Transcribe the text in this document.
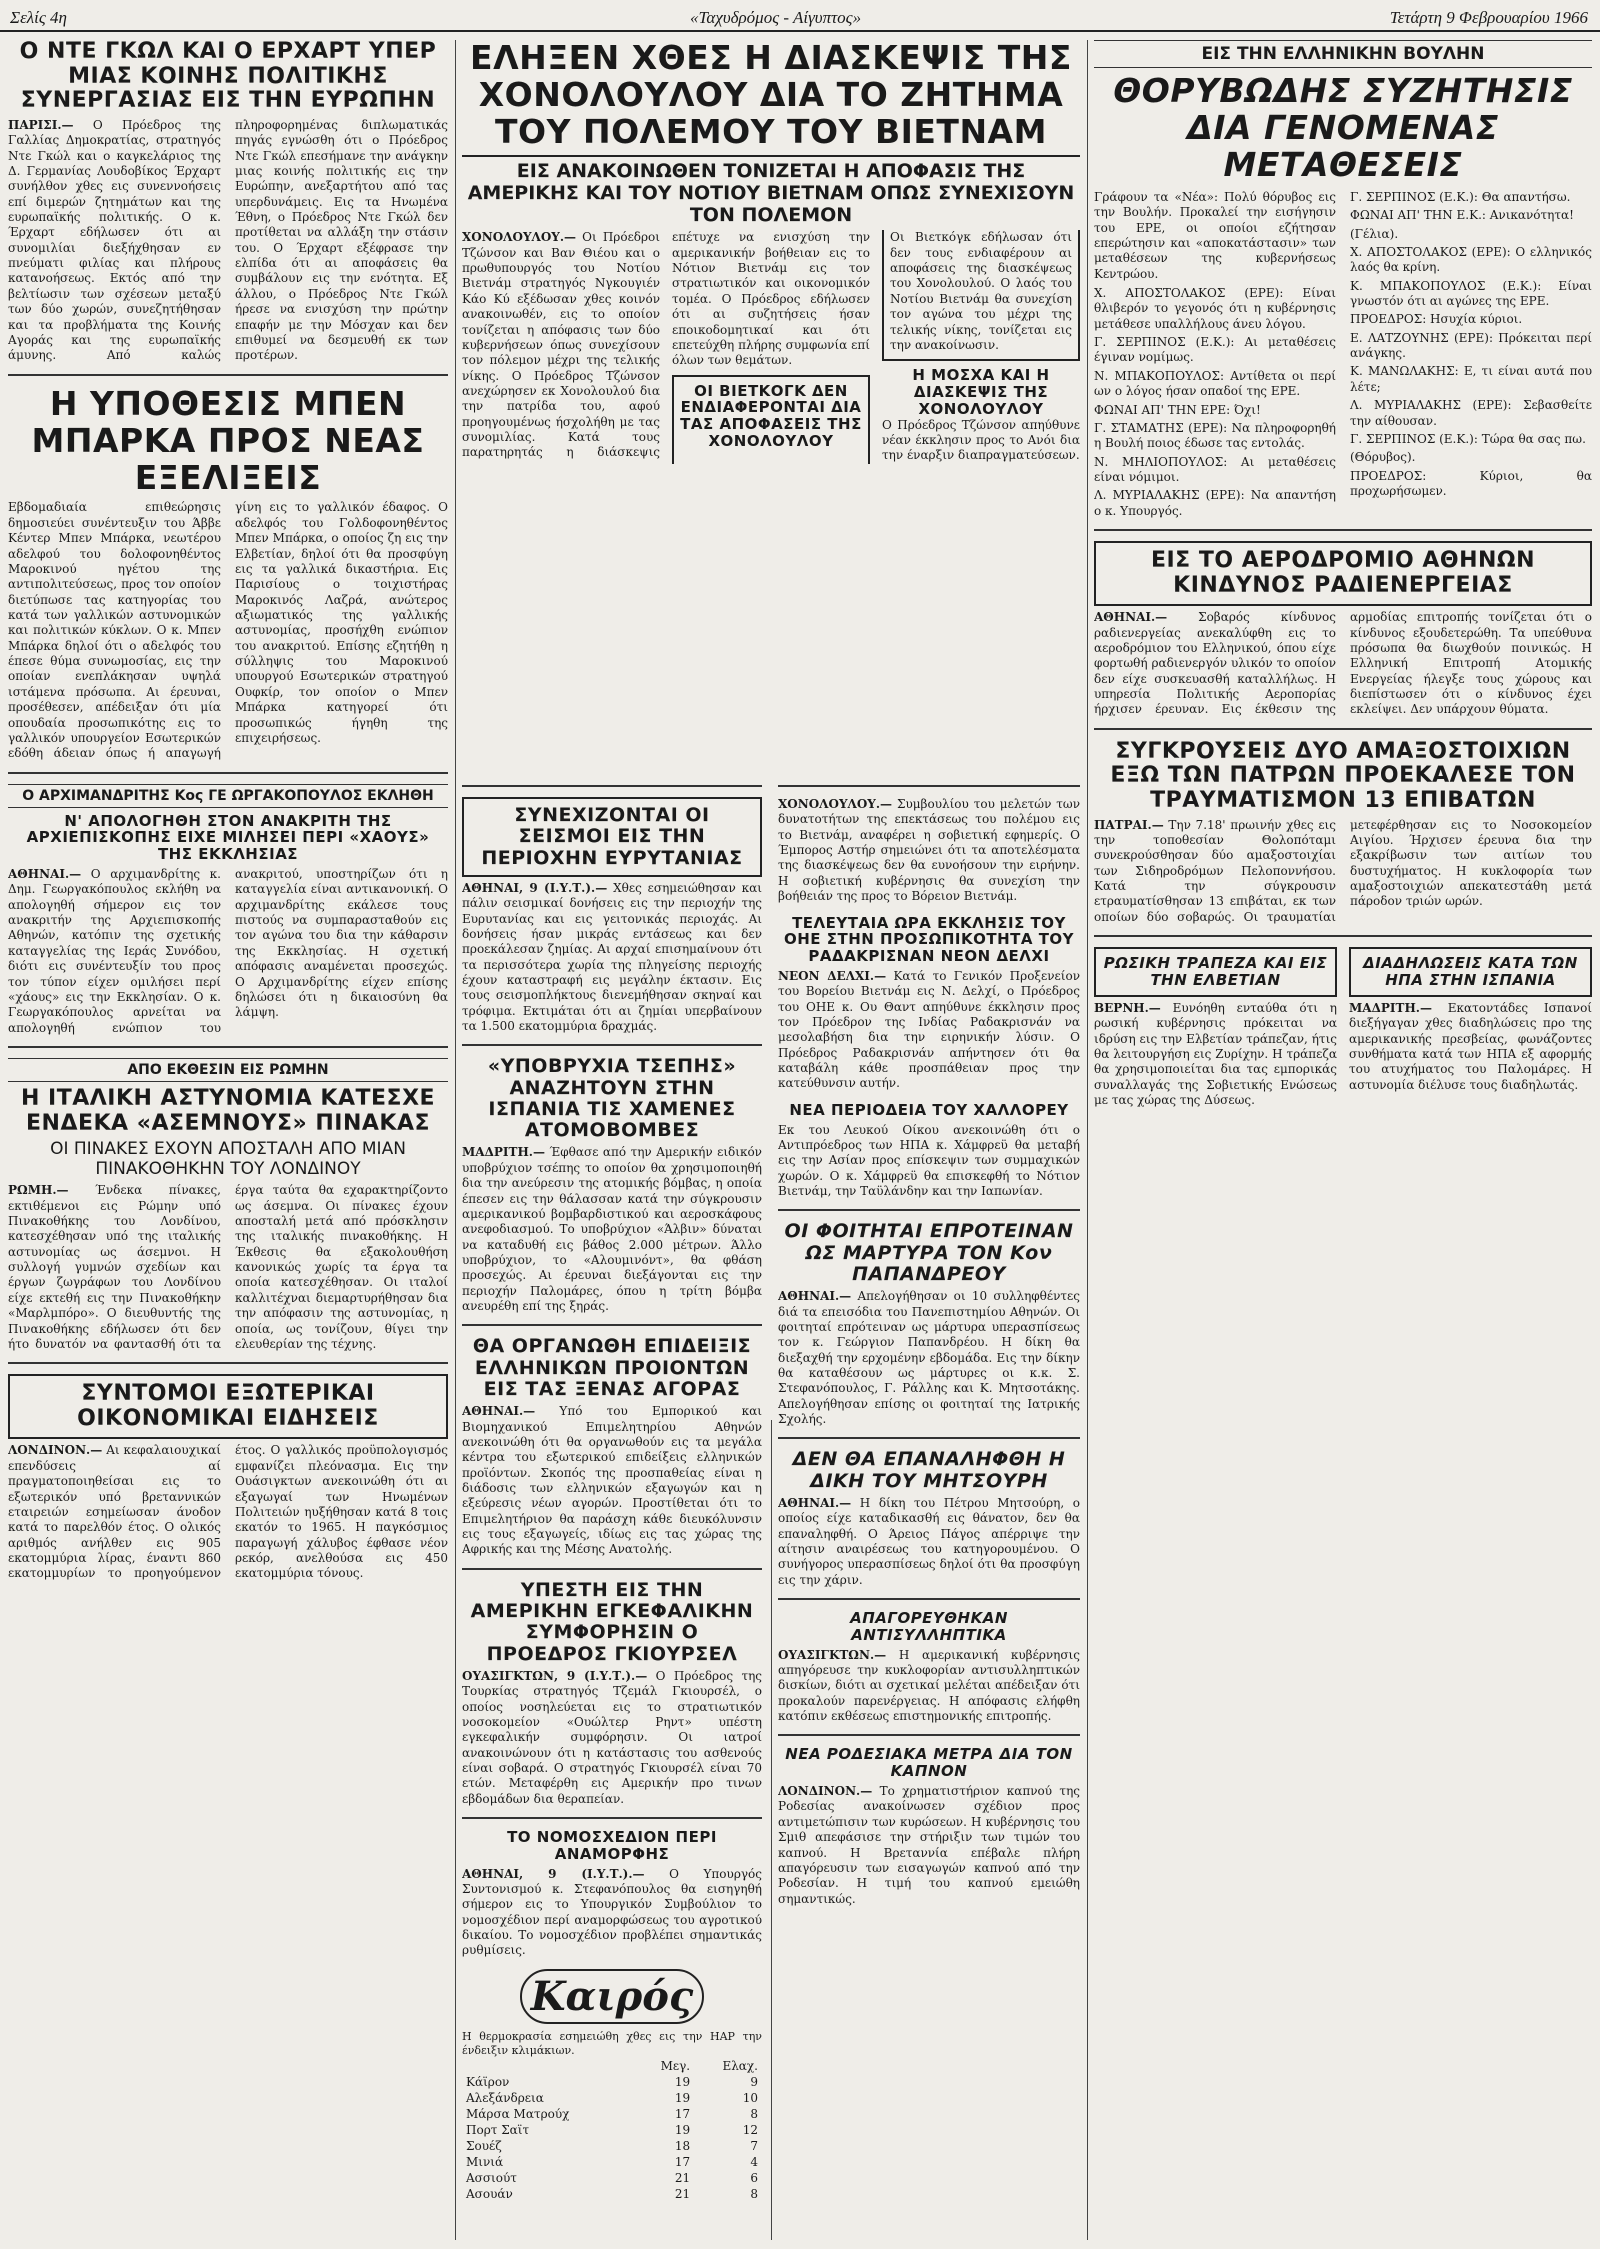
Σελίς 4η	«Ταχυδρόμος - Αίγυπτος»	Τετάρτη 9 Φεβρουαρίου 1966
Ο ΝΤΕ ΓΚΩΛ ΚΑΙ Ο ΕΡΧΑΡΤ ΥΠΕΡ ΜΙΑΣ ΚΟΙΝΗΣ ΠΟΛΙΤΙΚΗΣ ΣΥΝΕΡΓΑΣΙΑΣ ΕΙΣ ΤΗΝ ΕΥΡΩΠΗΝ
ΠΑΡΙΣΙ.— Ο Πρόεδρος της Γαλλίας Δημοκρατίας, στρατηγός Ντε Γκώλ και ο καγκελάριος της Δ. Γερμανίας Λουδοβίκος Έρχαρτ συνήλθον χθες εις συνεννοήσεις επί διμερών ζητημάτων και της ευρωπαϊκής πολιτικής. Ο κ. Έρχαρτ εδήλωσεν ότι αι συνομιλίαι διεξήχθησαν εν πνεύματι φιλίας και πλήρους κατανοήσεως. Εκτός από την βελτίωσιν των σχέσεων μεταξύ των δύο χωρών, συνεζητήθησαν και τα προβλήματα της Κοινής Αγοράς και της ευρωπαϊκής άμυνης. Από καλώς πληροφορημένας διπλωματικάς πηγάς εγνώσθη ότι ο Πρόεδρος Ντε Γκώλ επεσήμανε την ανάγκην μιας κοινής πολιτικής εις την Ευρώπην, ανεξαρτήτου από τας υπερδυνάμεις. Εις τα Ηνωμένα Έθνη, ο Πρόεδρος Ντε Γκώλ δεν προτίθεται να αλλάξη την στάσιν του. Ο Έρχαρτ εξέφρασε την ελπίδα ότι αι αποφάσεις θα συμβάλουν εις την ενότητα. Εξ άλλου, ο Πρόεδρος Ντε Γκώλ ήρεσε να ενισχύση την πρώτην επαφήν με την Μόσχαν και δεν επιθυμεί να δεσμευθή εκ των προτέρων.
Η ΥΠΟΘΕΣΙΣ ΜΠΕΝ ΜΠΑΡΚΑ ΠΡΟΣ ΝΕΑΣ ΕΞΕΛΙΞΕΙΣ
Εβδομαδιαία επιθεώρησις δημοσιεύει συνέντευξιν του Άββε Κέντερ Μπεν Μπάρκα, νεωτέρου αδελφού του δολοφονηθέντος Μαροκινού ηγέτου της αντιπολιτεύσεως, προς τον οποίον διετύπωσε τας κατηγορίας του κατά των γαλλικών αστυνομικών και πολιτικών κύκλων. Ο κ. Μπεν Μπάρκα δηλοί ότι ο αδελφός του έπεσε θύμα συνωμοσίας, εις την οποίαν ενεπλάκησαν υψηλά ιστάμενα πρόσωπα. Αι έρευναι, προσέθεσεν, απέδειξαν ότι μία οπουδαία προσωπικότης εις το γαλλικόν υπουργείον Εσωτερικών εδόθη άδειαν όπως ή απαγωγή γίνη εις το γαλλικόν έδαφος. Ο αδελφός του Γολδοφονηθέντος Μπεν Μπάρκα, ο οποίος ζη εις την Ελβετίαν, δηλοί ότι θα προσφύγη εις τα γαλλικά δικαστήρια. Εις Παρισίους ο τοιχιστήρας Μαροκινός Λαζρά, ανώτερος αξιωματικός της γαλλικής αστυνομίας, προσήχθη ενώπιον του ανακριτού. Επίσης εζητήθη η σύλληψις του Μαροκινού υπουργού Εσωτερικών στρατηγού Ουφκίρ, τον οποίον ο Μπεν Μπάρκα κατηγορεί ότι προσωπικώς ήγηθη της επιχειρήσεως.
Ο ΑΡΧΙΜΑΝΔΡΙΤΗΣ Κος ΓΕ ΩΡΓΑΚΟΠΟΥΛΟΣ ΕΚΛΗΘΗ
Ν' ΑΠΟΛΟΓΗΘΗ ΣΤΟΝ ΑΝΑΚΡΙΤΗ ΤΗΣ ΑΡΧΙΕΠΙΣΚΟΠΗΣ ΕΙΧΕ ΜΙΛΗΣΕΙ ΠΕΡΙ «ΧΑΟΥΣ» ΤΗΣ ΕΚΚΛΗΣΙΑΣ
ΑΘΗΝΑΙ.— Ο αρχιμανδρίτης κ. Δημ. Γεωργακόπουλος εκλήθη να απολογηθή σήμερον εις τον ανακριτήν της Αρχιεπισκοπής Αθηνών, κατόπιν της σχετικής καταγγελίας της Ιεράς Συνόδου, διότι εις συνέντευξίν του προς τον τύπον είχεν ομιλήσει περί «χάους» εις την Εκκλησίαν. Ο κ. Γεωργακόπουλος αρνείται να απολογηθή ενώπιον του ανακριτού, υποστηρίζων ότι η καταγγελία είναι αντικανονική. Ο αρχιμανδρίτης εκάλεσε τους πιστούς να συμπαρασταθούν εις τον αγώνα του δια την κάθαρσιν της Εκκλησίας. Η σχετική απόφασις αναμένεται προσεχώς. Ο Αρχιμανδρίτης είχεν επίσης δηλώσει ότι η δικαιοσύνη θα λάμψη.
ΑΠΟ ΕΚΘΕΣΙΝ ΕΙΣ ΡΩΜΗΝ
Η ΙΤΑΛΙΚΗ ΑΣΤΥΝΟΜΙΑ ΚΑΤΕΣΧΕ ΕΝΔΕΚΑ «ΑΣΕΜΝΟΥΣ» ΠΙΝΑΚΑΣ
ΟΙ ΠΙΝΑΚΕΣ ΕΧΟΥΝ ΑΠΟΣΤΑΛΗ ΑΠΟ ΜΙΑΝ ΠΙΝΑΚΟΘΗΚΗΝ ΤΟΥ ΛΟΝΔΙΝΟΥ
ΡΩΜΗ.— Ένδεκα πίνακες, εκτιθέμενοι εις Ρώμην υπό Πινακοθήκης του Λονδίνου, κατεσχέθησαν υπό της ιταλικής αστυνομίας ως άσεμνοι. Η συλλογή γυμνών σχεδίων και έργων ζωγράφων του Λονδίνου είχε εκτεθή εις την Πινακοθήκην «Μαρλμπόρο». Ο διευθυντής της Πινακοθήκης εδήλωσεν ότι δεν ήτο δυνατόν να φαντασθή ότι τα έργα ταύτα θα εχαρακτηρίζοντο ως άσεμνα. Οι πίνακες έχουν αποσταλή μετά από πρόσκλησιν της ιταλικής πινακοθήκης. Η Έκθεσις θα εξακολουθήση κανονικώς χωρίς τα έργα τα οποία κατεσχέθησαν. Οι ιταλοί καλλιτέχναι διεμαρτυρήθησαν δια την απόφασιν της αστυνομίας, η οποία, ως τονίζουν, θίγει την ελευθερίαν της τέχνης.
ΣΥΝΤΟΜΟΙ ΕΞΩΤΕΡΙΚΑΙ ΟΙΚΟΝΟΜΙΚΑΙ ΕΙΔΗΣΕΙΣ
ΛΟΝΔΙΝΟΝ.— Αι κεφαλαιουχικαί επενδύσεις αί πραγματοποιηθείσαι εις το εξωτερικόν υπό βρεταννικών εταιρειών εσημείωσαν άνοδον κατά το παρελθόν έτος. Ο ολικός αριθμός ανήλθεν εις 905 εκατομμύρια λίρας, έναντι 860 εκατομμυρίων το προηγούμενον έτος. Ο γαλλικός προϋπολογισμός εμφανίζει πλεόνασμα. Εις την Ουάσιγκτων ανεκοινώθη ότι αι εξαγωγαί των Ηνωμένων Πολιτειών ηυξήθησαν κατά 8 τοις εκατόν το 1965. Η παγκόσμιος παραγωγή χάλυβος έφθασε νέον ρεκόρ, ανελθούσα εις 450 εκατομμύρια τόνους.
ΕΛΗΞΕΝ ΧΘΕΣ Η ΔΙΑΣΚΕΨΙΣ ΤΗΣ ΧΟΝΟΛΟΥΛΟΥ ΔΙΑ ΤΟ ΖΗΤΗΜΑ ΤΟΥ ΠΟΛΕΜΟΥ ΤΟΥ ΒΙΕΤΝΑΜ
ΕΙΣ ΑΝΑΚΟΙΝΩΘΕΝ ΤΟΝΙΖΕΤΑΙ Η ΑΠΟΦΑΣΙΣ ΤΗΣ ΑΜΕΡΙΚΗΣ ΚΑΙ ΤΟΥ ΝΟΤΙΟΥ ΒΙΕΤΝΑΜ ΟΠΩΣ ΣΥΝΕΧΙΣΟΥΝ ΤΟΝ ΠΟΛΕΜΟΝ
ΧΟΝΟΛΟΥΛΟΥ.— Οι Πρόεδροι Τζώνσον και Βαν Θιέου και ο πρωθυπουργός του Νοτίου Βιετνάμ στρατηγός Νγκουγιέν Κάο Κύ εξέδωσαν χθες κοινόν ανακοινωθέν, εις το οποίον τονίζεται η απόφασις των δύο κυβερνήσεων όπως συνεχίσουν τον πόλεμον μέχρι της τελικής νίκης. Ο Πρόεδρος Τζώνσον ανεχώρησεν εκ Χονολουλού δια την πατρίδα του, αφού προηγουμένως ήσχολήθη με τας συνομιλίας. Κατά τους παρατηρητάς η διάσκεψις επέτυχε να ενισχύση την αμερικανικήν βοήθειαν εις το Νότιον Βιετνάμ εις τον στρατιωτικόν και οικονομικόν τομέα. Ο Πρόεδρος εδήλωσεν ότι αι συζητήσεις ήσαν εποικοδομητικαί και ότι επετεύχθη πλήρης συμφωνία επί όλων των θεμάτων.
ΟΙ ΒΙΕΤΚΟΓΚ ΔΕΝ ΕΝΔΙΑΦΕΡΟΝΤΑΙ ΔΙΑ ΤΑΣ ΑΠΟΦΑΣΕΙΣ ΤΗΣ ΧΟΝΟΛΟΥΛΟΥ
Οι Βιετκόγκ εδήλωσαν ότι δεν τους ενδιαφέρουν αι αποφάσεις της διασκέψεως του Χονολουλού. Ο λαός του Νοτίου Βιετνάμ θα συνεχίση τον αγώνα του μέχρι της τελικής νίκης, τονίζεται εις την ανακοίνωσιν.
Η ΜΟΣΧΑ ΚΑΙ Η ΔΙΑΣΚΕΨΙΣ ΤΗΣ ΧΟΝΟΛΟΥΛΟΥ
Ο Πρόεδρος Τζώνσον απηύθυνε νέαν έκκλησιν προς το Ανόι δια την έναρξιν διαπραγματεύσεων.
ΣΥΝΕΧΙΖΟΝΤΑΙ ΟΙ ΣΕΙΣΜΟΙ ΕΙΣ ΤΗΝ ΠΕΡΙΟΧΗΝ ΕΥΡΥΤΑΝΙΑΣ
ΑΘΗΝΑΙ, 9 (Ι.Υ.Τ.).— Χθες εσημειώθησαν και πάλιν σεισμικαί δονήσεις εις την περιοχήν της Ευρυτανίας και εις γειτονικάς περιοχάς. Αι δονήσεις ήσαν μικράς εντάσεως και δεν προεκάλεσαν ζημίας. Αι αρχαί επισημαίνουν ότι τα περισσότερα χωρία της πληγείσης περιοχής έχουν καταστραφή εις μεγάλην έκτασιν. Εις τους σεισμοπλήκτους διενεμήθησαν σκηναί και τρόφιμα. Εκτιμάται ότι αι ζημίαι υπερβαίνουν τα 1.500 εκατομμύρια δραχμάς.
«ΥΠΟΒΡΥΧΙΑ ΤΣΕΠΗΣ» ΑΝΑΖΗΤΟΥΝ ΣΤΗΝ ΙΣΠΑΝΙΑ ΤΙΣ ΧΑΜΕΝΕΣ ΑΤΟΜΟΒΟΜΒΕΣ
ΜΑΔΡΙΤΗ.— Έφθασε από την Αμερικήν ειδικόν υποβρύχιον τσέπης το οποίον θα χρησιμοποιηθή δια την ανεύρεσιν της ατομικής βόμβας, η οποία έπεσεν εις την θάλασσαν κατά την σύγκρουσιν αμερικανικού βομβαρδιστικού και αεροσκάφους ανεφοδιασμού. Το υποβρύχιον «Άλβιν» δύναται να καταδυθή εις βάθος 2.000 μέτρων. Άλλο υποβρύχιον, το «Αλουμινόντ», θα φθάση προσεχώς. Αι έρευναι διεξάγονται εις την περιοχήν Παλομάρες, όπου η τρίτη βόμβα ανευρέθη επί της ξηράς.
ΘΑ ΟΡΓΑΝΩΘΗ ΕΠΙΔΕΙΞΙΣ ΕΛΛΗΝΙΚΩΝ ΠΡΟΙΟΝΤΩΝ ΕΙΣ ΤΑΣ ΞΕΝΑΣ ΑΓΟΡΑΣ
ΑΘΗΝΑΙ.— Υπό του Εμπορικού και Βιομηχανικού Επιμελητηρίου Αθηνών ανεκοινώθη ότι θα οργανωθούν εις τα μεγάλα κέντρα του εξωτερικού επιδείξεις ελληνικών προϊόντων. Σκοπός της προσπαθείας είναι η διάδοσις των ελληνικών εξαγωγών και η εξεύρεσις νέων αγορών. Προστίθεται ότι το Επιμελητήριον θα παράσχη κάθε διευκόλυνσιν εις τους εξαγωγείς, ιδίως εις τας χώρας της Αφρικής και της Μέσης Ανατολής.
ΥΠΕΣΤΗ ΕΙΣ ΤΗΝ ΑΜΕΡΙΚΗΝ ΕΓΚΕΦΑΛΙΚΗΝ ΣΥΜΦΟΡΗΣΙΝ Ο ΠΡΟΕΔΡΟΣ ΓΚΙΟΥΡΣΕΛ
ΟΥΑΣΙΓΚΤΩΝ, 9 (Ι.Υ.Τ.).— Ο Πρόεδρος της Τουρκίας στρατηγός Τζεμάλ Γκιουρσέλ, ο οποίος νοσηλεύεται εις το στρατιωτικόν νοσοκομείον «Ουώλτερ Ρηντ» υπέστη εγκεφαλικήν συμφόρησιν. Οι ιατροί ανακοινώνουν ότι η κατάστασις του ασθενούς είναι σοβαρά. Ο στρατηγός Γκιουρσέλ είναι 70 ετών. Μεταφέρθη εις Αμερικήν προ τινων εβδομάδων δια θεραπείαν.
ΤΟ ΝΟΜΟΣΧΕΔΙΟΝ ΠΕΡΙ ΑΝΑΜΟΡΦΗΣ
ΑΘΗΝΑΙ, 9 (Ι.Υ.Τ.).— Ο Υπουργός Συντονισμού κ. Στεφανόπουλος θα εισηγηθή σήμερον εις το Υπουργικόν Συμβούλιον το νομοσχέδιον περί αναμορφώσεως του αγροτικού δικαίου. Το νομοσχέδιον προβλέπει σημαντικάς ρυθμίσεις.
Καιρός
Η θερμοκρασία εσημειώθη χθες εις την ΗΑΡ την ένδειξιν κλιμάκιων.
	Μεγ.	Ελαχ.
Κάϊρον	19	9
Αλεξάνδρεια	19	10
Μάρσα Ματρούχ	17	8
Πορτ Σαϊτ	19	12
Σουέζ	18	7
Μινιά	17	4
Ασσιούτ	21	6
Ασουάν	21	8
ΧΟΝΟΛΟΥΛΟΥ.— Συμβουλίου του μελετών των δυνατοτήτων της επεκτάσεως του πολέμου εις το Βιετνάμ, αναφέρει η σοβιετική εφημερίς. Ο Έμπορος Αστήρ σημειώνει ότι τα αποτελέσματα της διασκέψεως δεν θα ευνοήσουν την ειρήνην. Η σοβιετική κυβέρνησις θα συνεχίση την βοήθειάν της προς το Βόρειον Βιετνάμ.
ΤΕΛΕΥΤΑΙΑ ΩΡΑ ΕΚΚΛΗΣΙΣ ΤΟΥ ΟΗΕ ΣΤΗΝ ΠΡΟΣΩΠΙΚΟΤΗΤΑ ΤΟΥ ΡΑΔΑΚΡΙΣΝΑΝ ΝΕΟΝ ΔΕΛΧΙ
ΝΕΟΝ ΔΕΛΧΙ.— Κατά το Γενικόν Προξενείον του Βορείου Βιετνάμ εις Ν. Δελχί, ο Πρόεδρος του ΟΗΕ κ. Ου Θαντ απηύθυνε έκκλησιν προς τον Πρόεδρον της Ινδίας Ραδακρισνάν να μεσολαβήση δια την ειρηνικήν λύσιν. Ο Πρόεδρος Ραδακρισνάν απήντησεν ότι θα καταβάλη κάθε προσπάθειαν προς την κατεύθυνσιν αυτήν.
ΝΕΑ ΠΕΡΙΟΔΕΙΑ ΤΟΥ ΧΑΛΛΟΡΕΥ
Εκ του Λευκού Οίκου ανεκοινώθη ότι ο Αντιπρόεδρος των ΗΠΑ κ. Χάμφρεϋ θα μεταβή εις την Ασίαν προς επίσκεψιν των συμμαχικών χωρών. Ο κ. Χάμφρεϋ θα επισκεφθή το Νότιον Βιετνάμ, την Ταϋλάνδην και την Ιαπωνίαν.
ΟΙ ΦΟΙΤΗΤΑΙ ΕΠΡΟΤΕΙΝΑΝ ΩΣ ΜΑΡΤΥΡΑ ΤΟΝ Κον ΠΑΠΑΝΔΡΕΟΥ
ΑΘΗΝΑΙ.— Απελογήθησαν οι 10 συλληφθέντες διά τα επεισόδια του Πανεπιστημίου Αθηνών. Οι φοιτηταί επρότειναν ως μάρτυρα υπερασπίσεως τον κ. Γεώργιον Παπανδρέου. Η δίκη θα διεξαχθή την ερχομένην εβδομάδα. Εις την δίκην θα καταθέσουν ως μάρτυρες οι κ.κ. Σ. Στεφανόπουλος, Γ. Ράλλης και Κ. Μητσοτάκης. Απελογήθησαν επίσης οι φοιτηταί της Ιατρικής Σχολής.
ΔΕΝ ΘΑ ΕΠΑΝΑΛΗΦΘΗ Η ΔΙΚΗ ΤΟΥ ΜΗΤΣΟΥΡΗ
ΑΘΗΝΑΙ.— Η δίκη του Πέτρου Μητσούρη, ο οποίος είχε καταδικασθή εις θάνατον, δεν θα επαναληφθή. Ο Άρειος Πάγος απέρριψε την αίτησιν αναιρέσεως του κατηγορουμένου. Ο συνήγορος υπερασπίσεως δηλοί ότι θα προσφύγη εις την χάριν.
ΑΠΑΓΟΡΕΥΘΗΚΑΝ ΑΝΤΙΣΥΛΛΗΠΤΙΚΑ
ΟΥΑΣΙΓΚΤΩΝ.— Η αμερικανική κυβέρνησις απηγόρευσε την κυκλοφορίαν αντισυλληπτικών δισκίων, διότι αι σχετικαί μελέται απέδειξαν ότι προκαλούν παρενέργειας. Η απόφασις ελήφθη κατόπιν εκθέσεως επιστημονικής επιτροπής.
ΝΕΑ ΡΟΔΕΣΙΑΚΑ ΜΕΤΡΑ ΔΙΑ ΤΟΝ ΚΑΠΝΟΝ
ΛΟΝΔΙΝΟΝ.— Το χρηματιστήριον καπνού της Ροδεσίας ανακοίνωσεν σχέδιον προς αντιμετώπισιν των κυρώσεων. Η κυβέρνησις του Σμιθ απεφάσισε την στήριξιν των τιμών του καπνού. Η Βρεταννία επέβαλε πλήρη απαγόρευσιν των εισαγωγών καπνού από την Ροδεσίαν. Η τιμή του καπνού εμειώθη σημαντικώς.
ΕΙΣ ΤΗΝ ΕΛΛΗΝΙΚΗΝ ΒΟΥΛΗΝ
ΘΟΡΥΒΩΔΗΣ ΣΥΖΗΤΗΣΙΣ ΔΙΑ ΓΕΝΟΜΕΝΑΣ ΜΕΤΑΘΕΣΕΙΣ

Γράφουν τα «Νέα»: Πολύ θόρυβος εις την Βουλήν. Προκαλεί την εισήγησιν του ΕΡΕ, οι οποίοι εζήτησαν επερώτησιν και «αποκατάστασιν» των μεταθέσεων της κυβερνήσεως Κεντρώου.

Χ. ΑΠΟΣΤΟΛΑΚΟΣ (ΕΡΕ): Είναι θλιβερόν το γεγονός ότι η κυβέρνησις μετάθεσε υπαλλήλους άνευ λόγου.

Γ. ΣΕΡΠΙΝΟΣ (Ε.Κ.): Αι μεταθέσεις έγιναν νομίμως.

Ν. ΜΠΑΚΟΠΟΥΛΟΣ: Αντίθετα οι περί ων ο λόγος ήσαν οπαδοί της ΕΡΕ.

ΦΩΝΑΙ ΑΠ' ΤΗΝ ΕΡΕ: Όχι!

Γ. ΣΤΑΜΑΤΗΣ (ΕΡΕ): Να πληροφορηθή η Βουλή ποιος έδωσε τας εντολάς.

Ν. ΜΗΛΙΟΠΟΥΛΟΣ: Αι μεταθέσεις είναι νόμιμοι.

Λ. ΜΥΡΙΑΛΑΚΗΣ (ΕΡΕ): Να απαντήση ο κ. Υπουργός.

Γ. ΣΕΡΠΙΝΟΣ (Ε.Κ.): Θα απαντήσω.

ΦΩΝΑΙ ΑΠ' ΤΗΝ Ε.Κ.: Ανικανότητα!

(Γέλια).

Χ. ΑΠΟΣΤΟΛΑΚΟΣ (ΕΡΕ): Ο ελληνικός λαός θα κρίνη.

Κ. ΜΠΑΚΟΠΟΥΛΟΣ (Ε.Κ.): Είναι γνωστόν ότι αι αγώνες της ΕΡΕ.

ΠΡΟΕΔΡΟΣ: Ησυχία κύριοι.

Ε. ΛΑΤΖΟΥΝΗΣ (ΕΡΕ): Πρόκειται περί ανάγκης.

Κ. ΜΑΝΩΛΑΚΗΣ: Ε, τι είναι αυτά που λέτε;

Λ. ΜΥΡΙΑΛΑΚΗΣ (ΕΡΕ): Σεβασθείτε την αίθουσαν.

Γ. ΣΕΡΠΙΝΟΣ (Ε.Κ.): Τώρα θα σας πω.

(Θόρυβος).

ΠΡΟΕΔΡΟΣ: Κύριοι, θα προχωρήσωμεν.

ΕΙΣ ΤΟ ΑΕΡΟΔΡΟΜΙΟ ΑΘΗΝΩΝ ΚΙΝΔΥΝΟΣ ΡΑΔΙΕΝΕΡΓΕΙΑΣ
ΑΘΗΝΑΙ.—	Σοβαρός κίνδυνος ραδιενεργείας ανεκαλύφθη εις το αεροδρόμιον του Ελληνικού, όπου είχε φορτωθή ραδιενεργόν υλικόν το οποίον δεν είχε συσκευασθή καταλλήλως. Η υπηρεσία Πολιτικής Αεροπορίας ήρχισεν έρευναν. Εις έκθεσιν της αρμοδίας επιτροπής τονίζεται ότι ο κίνδυνος εξουδετερώθη. Τα υπεύθυνα πρόσωπα θα διωχθούν ποινικώς. Η Ελληνική Επιτροπή Ατομικής Ενεργείας ήλεγξε τους χώρους και διεπίστωσεν ότι ο κίνδυνος έχει εκλείψει. Δεν υπάρχουν θύματα.
ΣΥΓΚΡΟΥΣΕΙΣ ΔΥΟ ΑΜΑΞΟΣΤΟΙΧΙΩΝ ΕΞΩ ΤΩΝ ΠΑΤΡΩΝ ΠΡΟΕΚΑΛΕΣΕ ΤΟΝ ΤΡΑΥΜΑΤΙΣΜΟΝ 13 ΕΠΙΒΑΤΩΝ
ΠΑΤΡΑΙ.— Την 7.18' πρωινήν χθες εις την τοποθεσίαν Θολοπόταμι συνεκρούσθησαν δύο αμαξοστοιχίαι των Σιδηροδρόμων Πελοποννήσου. Κατά την σύγκρουσιν ετραυματίσθησαν 13 επιβάται, εκ των οποίων δύο σοβαρώς. Οι τραυματίαι μετεφέρθησαν εις το Νοσοκομείον Αιγίου. Ήρχισεν έρευνα δια την εξακρίβωσιν των αιτίων του δυστυχήματος. Η κυκλοφορία των αμαξοστοιχιών απεκατεστάθη μετά πάροδον τριών ωρών.
ΡΩΣΙΚΗ ΤΡΑΠΕΖΑ ΚΑΙ ΕΙΣ ΤΗΝ ΕΛΒΕΤΙΑΝ
ΒΕΡΝΗ.— Ευνόηθη ενταύθα ότι η ρωσική κυβέρνησις πρόκειται να ιδρύση εις την Ελβετίαν τράπεζαν, ήτις θα λειτουργήση εις Ζυρίχην. Η τράπεζα θα χρησιμοποιείται δια τας εμπορικάς συναλλαγάς της Σοβιετικής Ενώσεως με τας χώρας της Δύσεως.
ΔΙΑΔΗΛΩΣΕΙΣ ΚΑΤΑ ΤΩΝ ΗΠΑ ΣΤΗΝ ΙΣΠΑΝΙΑ
ΜΑΔΡΙΤΗ.— Εκατοντάδες Ισπανοί διεξήγαγαν χθες διαδηλώσεις προ της αμερικανικής πρεσβείας, φωνάζοντες συνθήματα κατά των ΗΠΑ εξ αφορμής του ατυχήματος του Παλομάρες. Η αστυνομία διέλυσε τους διαδηλωτάς.
